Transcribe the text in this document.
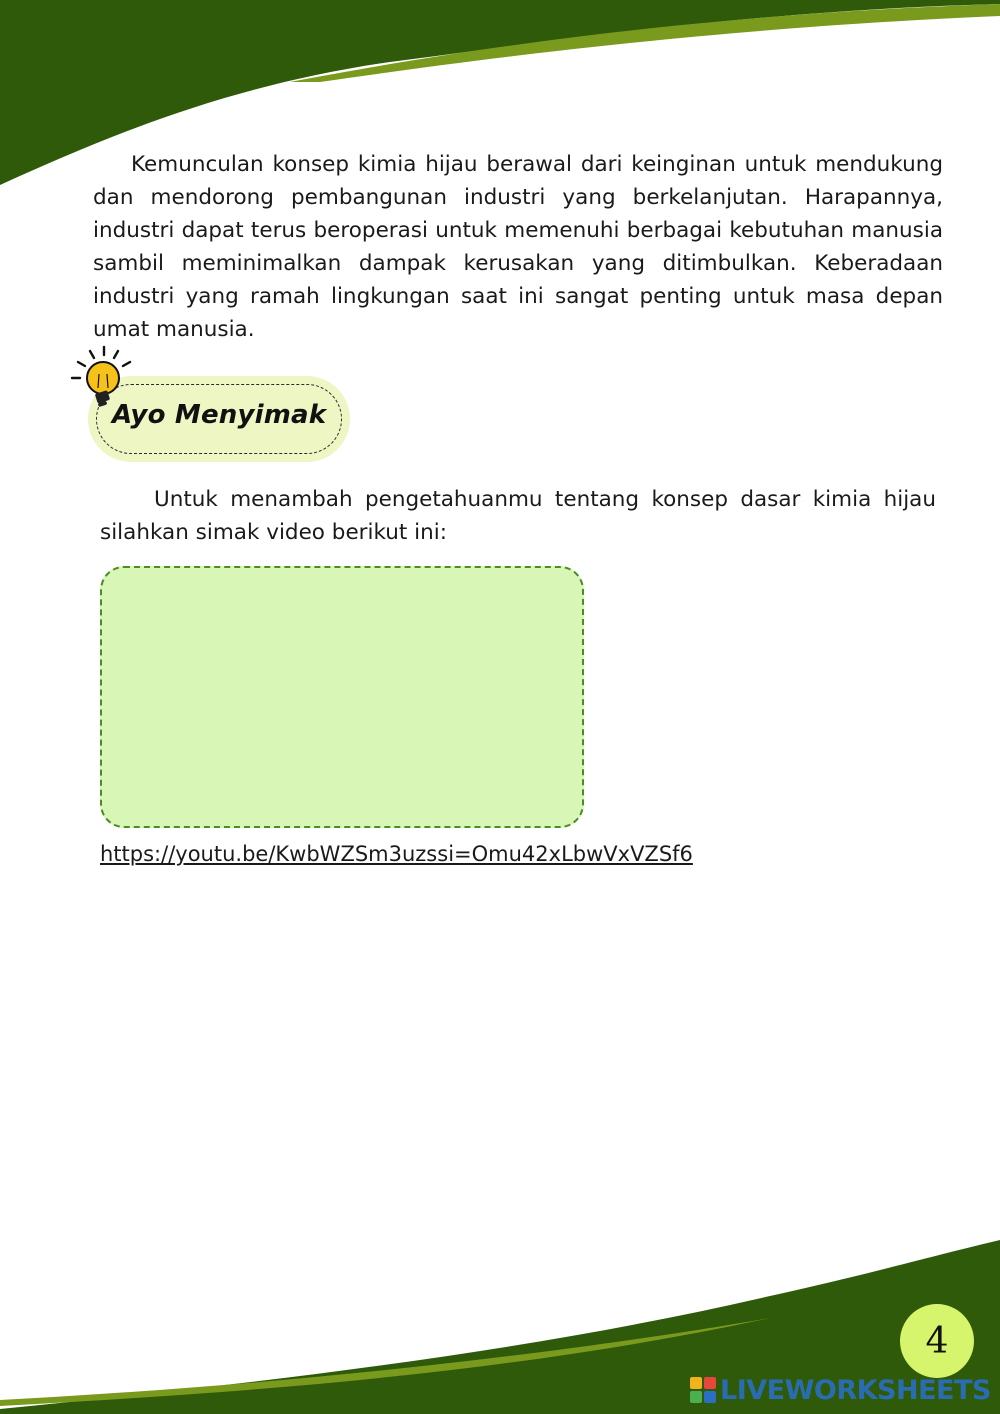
Kemunculan konsep kimia hijau berawal dari keinginan untuk mendukung dan mendorong pembangunan industri yang berkelanjutan. Harapannya, industri dapat terus beroperasi untuk memenuhi berbagai kebutuhan manusia sambil meminimalkan dampak kerusakan yang ditimbulkan. Keberadaan industri yang ramah lingkungan saat ini sangat penting untuk masa depan umat manusia.

Ayo Menyimak

Untuk menambah pengetahuanmu tentang konsep dasar kimia hijau silahkan simak video berikut ini:

https://youtu.be/KwbWZSm3uzssi=Omu42xLbwVxVZSf6
4
LIVEWORKSHEETS
